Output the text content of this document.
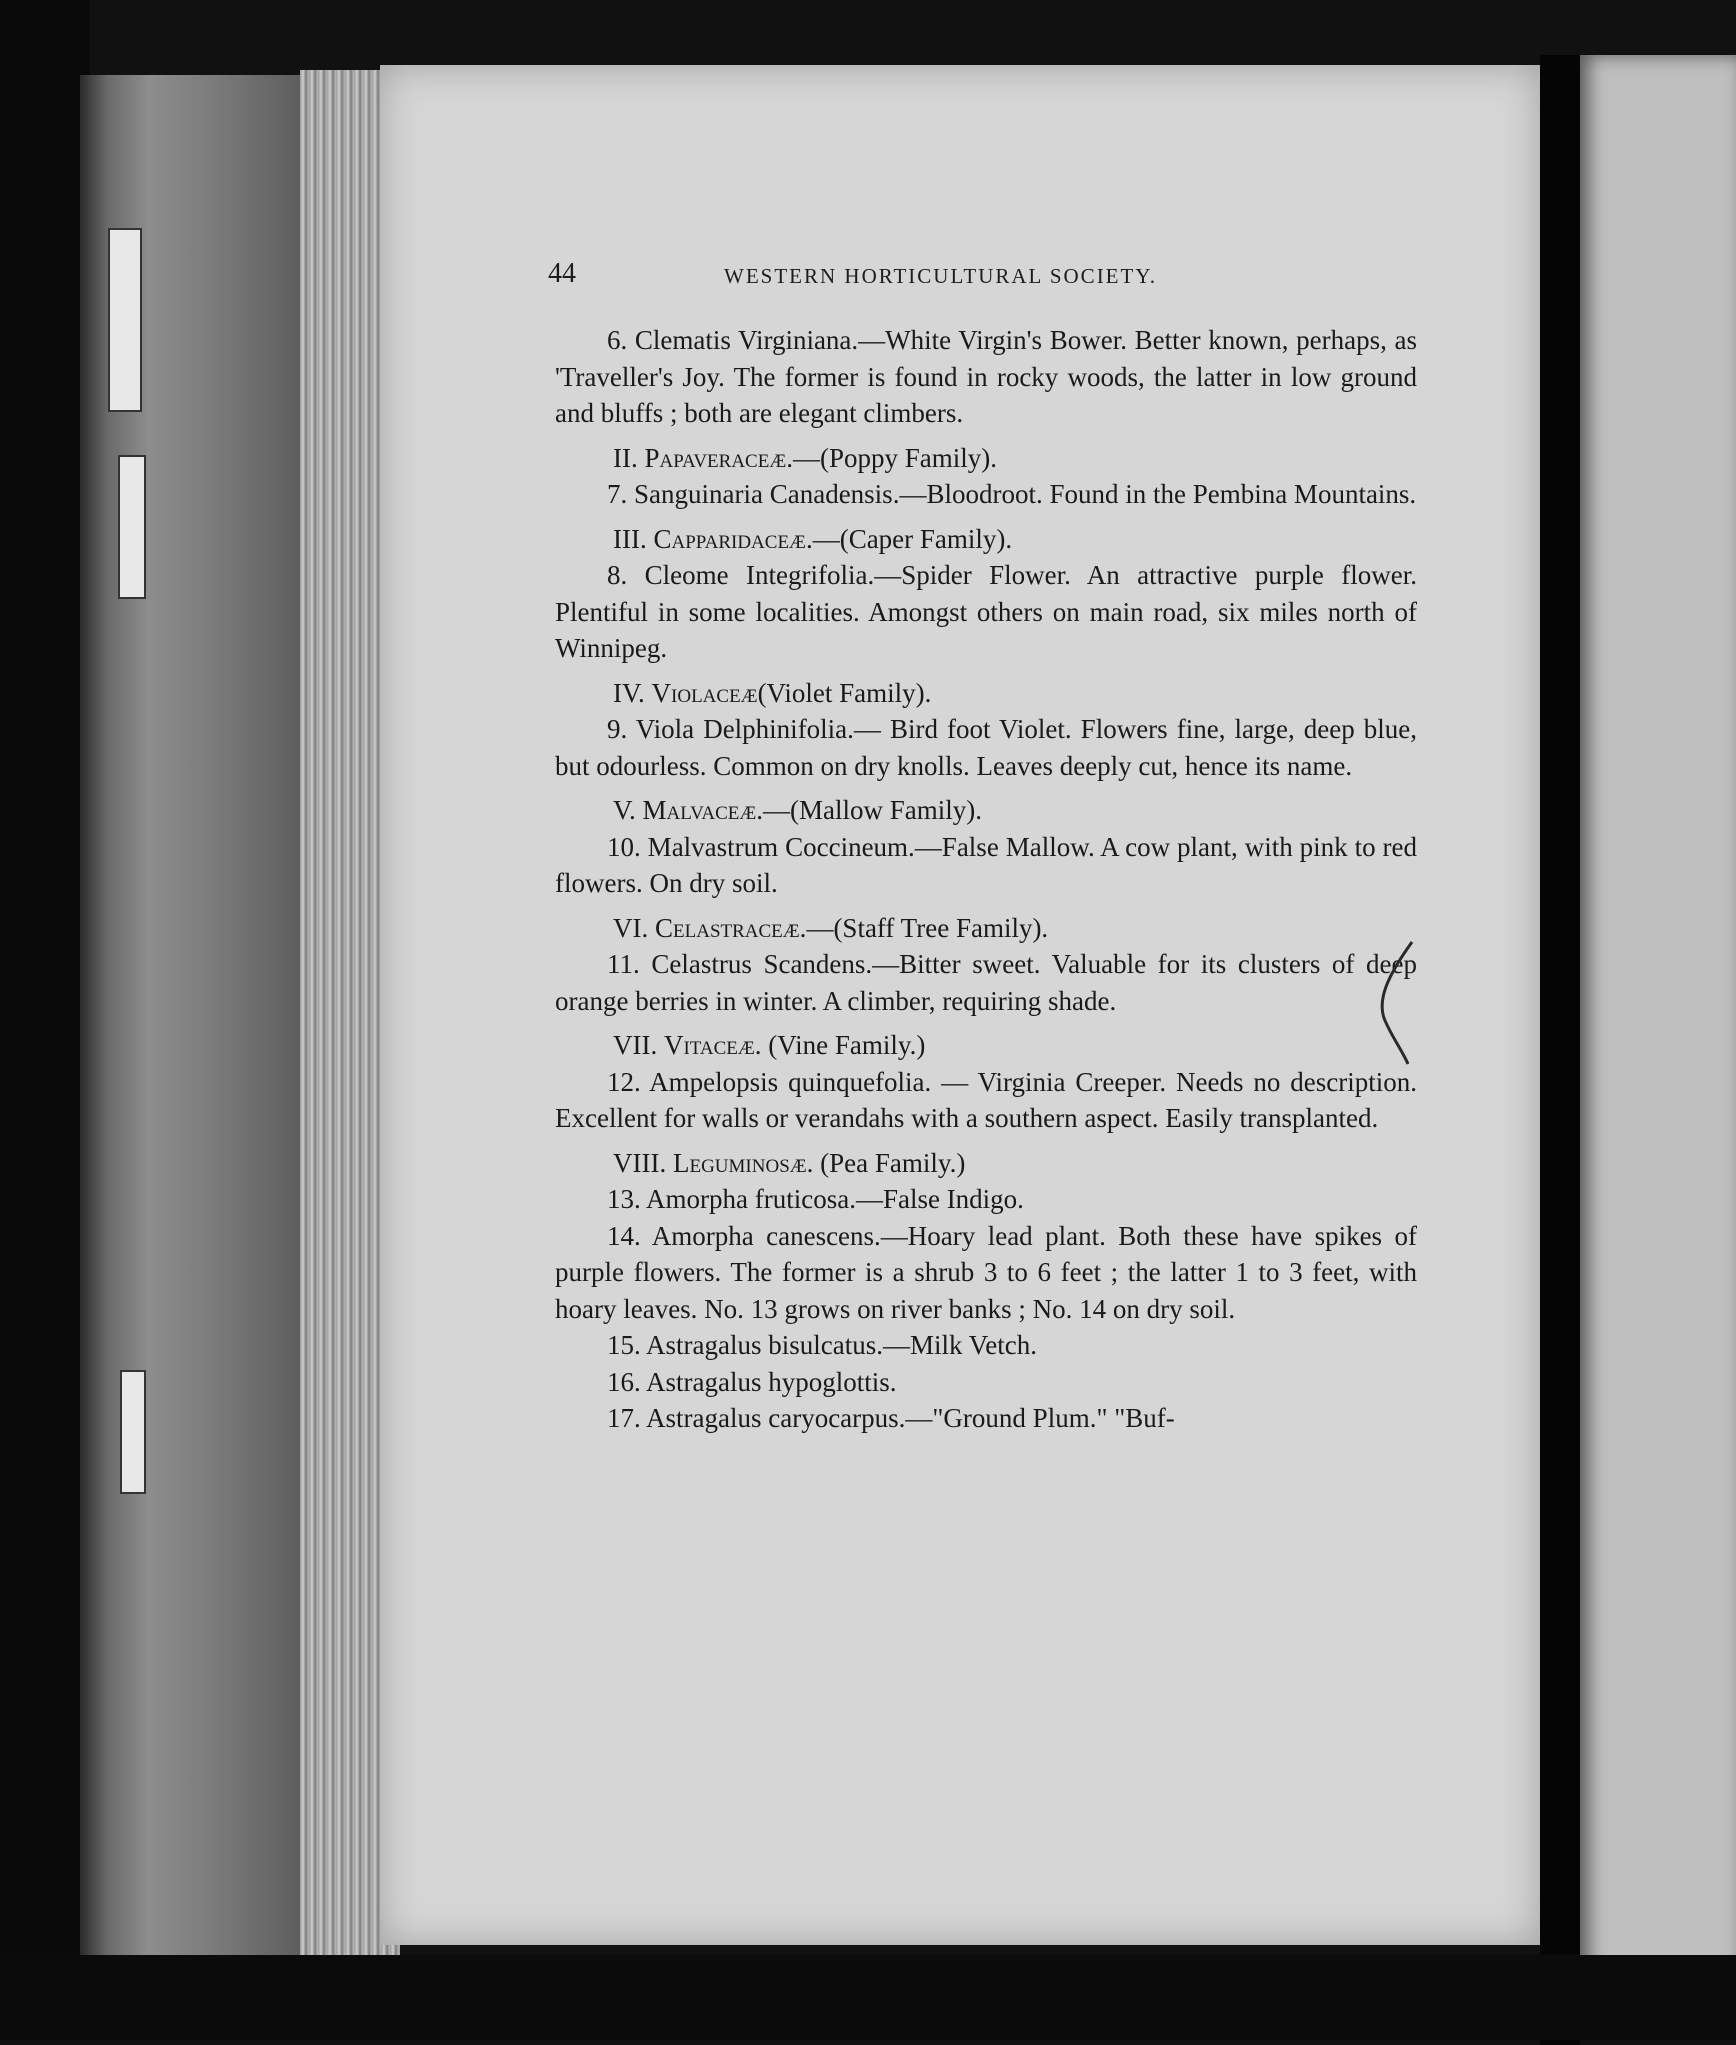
44	WESTERN HORTICULTURAL SOCIETY.

6. Clematis Virginiana.—White Virgin's Bower. Better known, perhaps, as 'Traveller's Joy. The former is found in rocky woods, the latter in low ground and bluffs ; both are elegant climbers.

II. Papaveraceæ.—(Poppy Family).

7. Sanguinaria Canadensis.—Bloodroot. Found in the Pembina Mountains.

III. Capparidaceæ.—(Caper Family).

8. Cleome Integrifolia.—Spider Flower. An attractive purple flower. Plentiful in some localities. Amongst others on main road, six miles north of Winnipeg.

IV. Violaceæ(Violet Family).

9. Viola Delphinifolia.— Bird foot Violet. Flowers fine, large, deep blue, but odourless. Common on dry knolls. Leaves deeply cut, hence its name.

V. Malvaceæ.—(Mallow Family).

10. Malvastrum Coccineum.—False Mallow. A cow plant, with pink to red flowers. On dry soil.

VI. Celastraceæ.—(Staff Tree Family).

11. Celastrus Scandens.—Bitter sweet. Valuable for its clusters of deep orange berries in winter. A climber, requiring shade.

VII. Vitaceæ. (Vine Family.)

12. Ampelopsis quinquefolia. — Virginia Creeper. Needs no description. Excellent for walls or verandahs with a southern aspect. Easily transplanted.

VIII. Leguminosæ. (Pea Family.)

13. Amorpha fruticosa.—False Indigo.

14. Amorpha canescens.—Hoary lead plant. Both these have spikes of purple flowers. The former is a shrub 3 to 6 feet ; the latter 1 to 3 feet, with hoary leaves. No. 13 grows on river banks ; No. 14 on dry soil.

15. Astragalus bisulcatus.—Milk Vetch.

16. Astragalus hypoglottis.

17. Astragalus caryocarpus.—"Ground Plum." "Buf-
